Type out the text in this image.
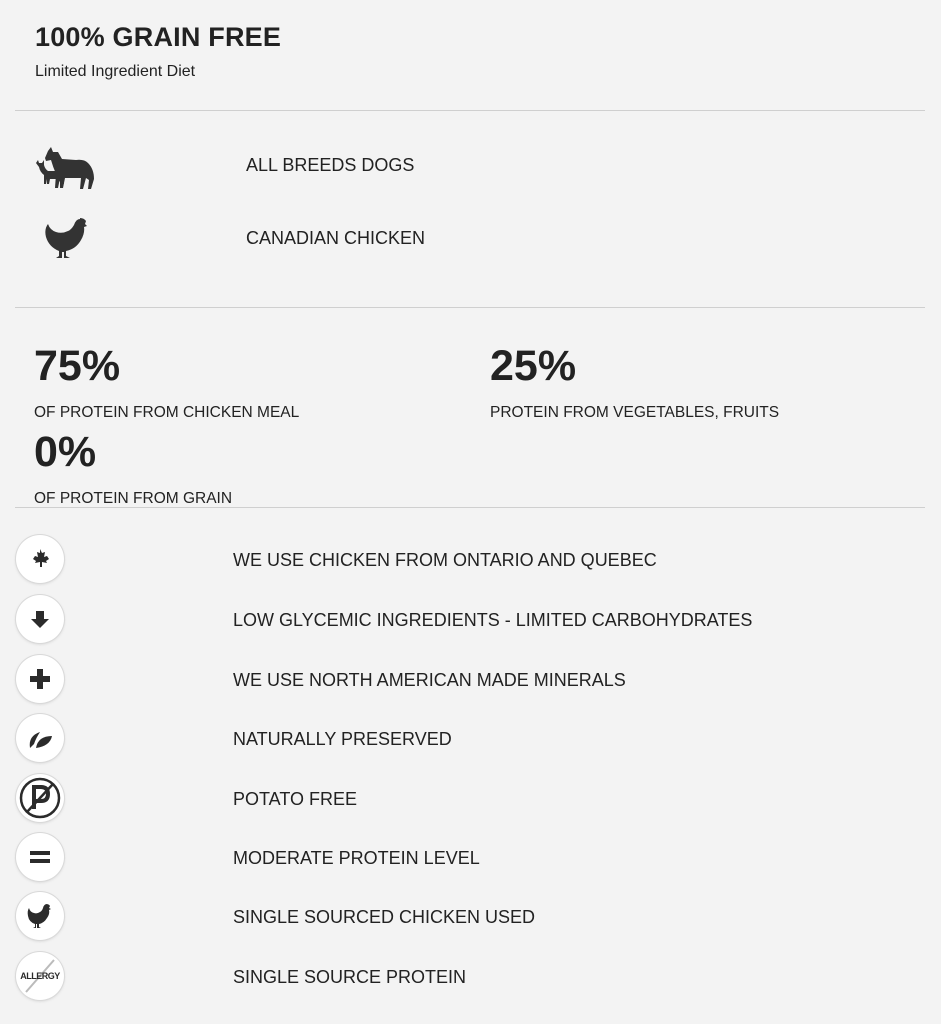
100% GRAIN FREE
Limited Ingredient Diet
ALL BREEDS DOGS
CANADIAN CHICKEN
75%
OF PROTEIN FROM CHICKEN MEAL
25%
PROTEIN FROM VEGETABLES, FRUITS
0%
OF PROTEIN FROM GRAIN
WE USE CHICKEN FROM ONTARIO AND QUEBEC
LOW GLYCEMIC INGREDIENTS - LIMITED CARBOHYDRATES
WE USE NORTH AMERICAN MADE MINERALS
NATURALLY PRESERVED
POTATO FREE
MODERATE PROTEIN LEVEL
SINGLE SOURCED CHICKEN USED
ALLERGY	SINGLE SOURCE PROTEIN
